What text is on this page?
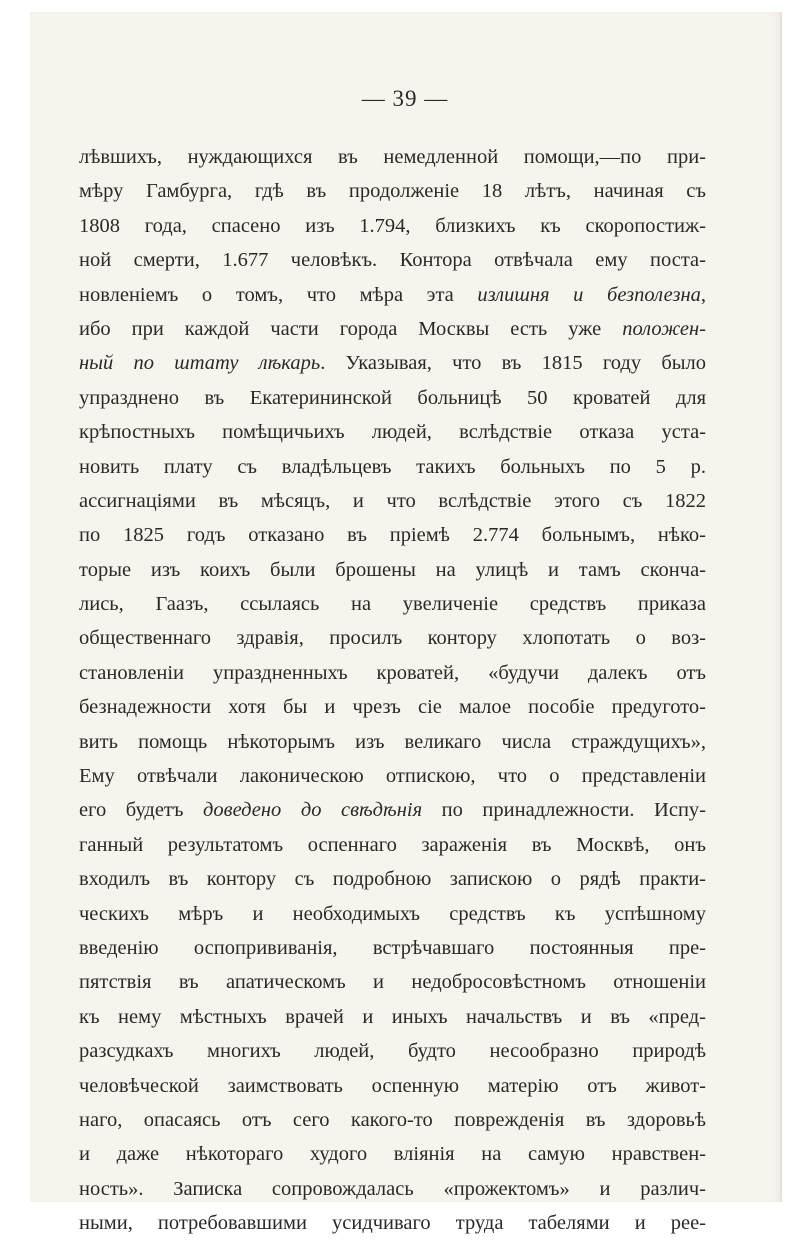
— 39 —
лѣвшихъ, нуждающихся въ немедленной помощи,—по при-
мѣру Гамбурга, гдѣ въ продолженіе 18 лѣтъ, начиная съ
1808 года, спасено изъ 1.794, близкихъ къ скоропостиж-
ной смерти, 1.677 человѣкъ. Контора отвѣчала ему поста-
новленіемъ о томъ, что мѣра эта излишня и безполезна,
ибо при каждой части города Москвы есть уже положен-
ный по штату лѣкарь. Указывая, что въ 1815 году было
упразднено въ Екатерининской больницѣ 50 кроватей для
крѣпостныхъ помѣщичьихъ людей, вслѣдствіе отказа уста-
новить плату съ владѣльцевъ такихъ больныхъ по 5 р.
ассигнаціями въ мѣсяцъ, и что вслѣдствіе этого съ 1822
по 1825 годъ отказано въ пріемѣ 2.774 больнымъ, нѣко-
торые изъ коихъ были брошены на улицѣ и тамъ сконча-
лись, Гаазъ, ссылаясь на увеличеніе средствъ приказа
общественнаго здравія, просилъ контору хлопотать о воз-
становленіи упраздненныхъ кроватей, «будучи далекъ отъ
безнадежности хотя бы и чрезъ сіе малое пособіе предугото-
вить помощь нѣкоторымъ изъ великаго числа страждущихъ»,
Ему отвѣчали лаконическою отпискою, что о представленіи
его будетъ доведено до свѣдѣнія по принадлежности. Испу-
ганный результатомъ оспеннаго зараженія въ Москвѣ, онъ
входилъ въ контору съ подробною запискою о рядѣ практи-
ческихъ мѣръ и необходимыхъ средствъ къ успѣшному
введенію оспопрививанія, встрѣчавшаго постоянныя пре-
пятствія въ апатическомъ и недобросовѣстномъ отношеніи
къ нему мѣстныхъ врачей и иныхъ начальствъ и въ «пред-
разсудкахъ многихъ людей, будто несообразно природѣ
человѣческой заимствовать оспенную матерію отъ живот-
наго, опасаясь отъ сего какого-то поврежденія въ здоровьѣ
и даже нѣкотораго худого вліянія на самую нравствен-
ность». Записка сопровождалась «прожектомъ» и различ-
ными, потребовавшими усидчиваго труда табелями и рее-
